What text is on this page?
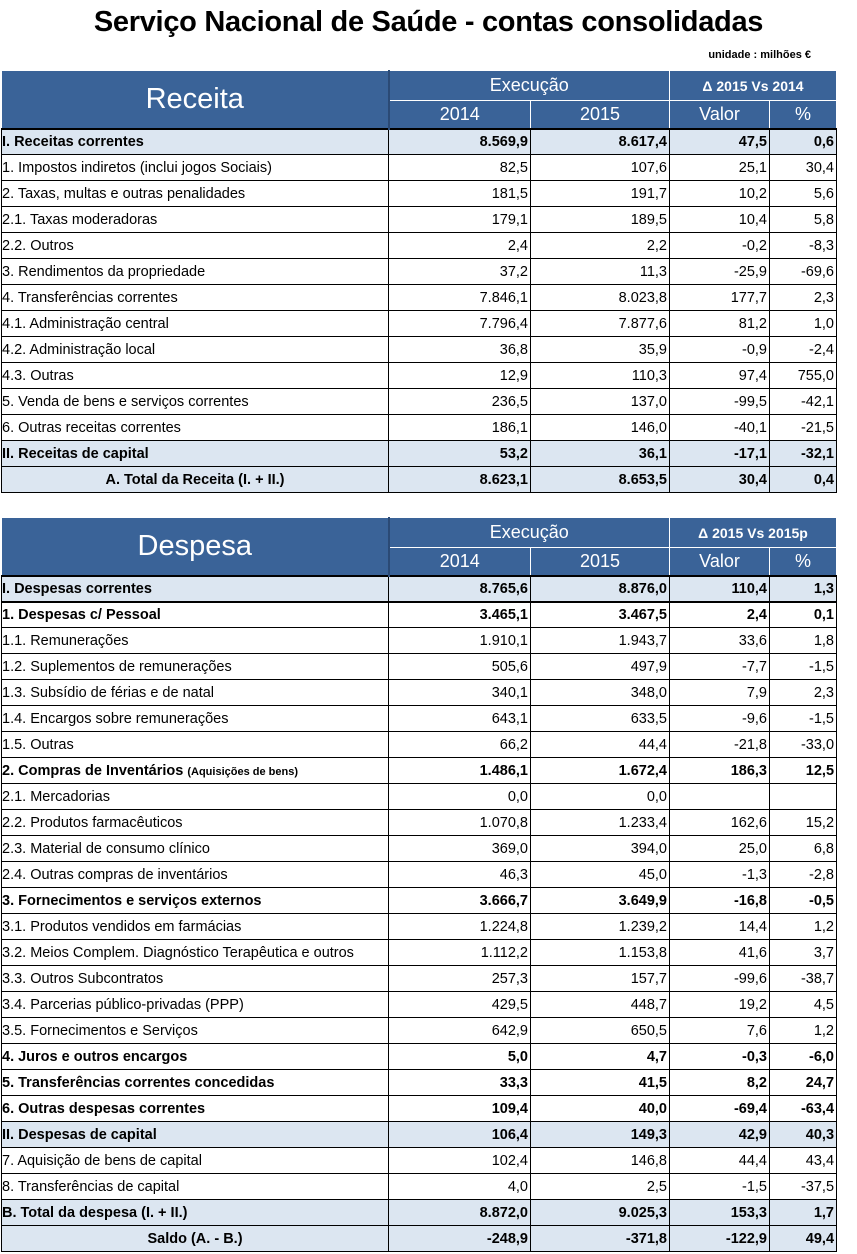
Serviço Nacional de Saúde - contas consolidadas
unidade : milhões €
Receita	Execução		Δ 2015 Vs 2014	
	2014	2015	Valor	%
I. Receitas correntes	8.569,9	8.617,4	47,5	0,6
1. Impostos indiretos (inclui jogos Sociais)	82,5	107,6	25,1	30,4
2. Taxas, multas e outras penalidades	181,5	191,7	10,2	5,6
2.1. Taxas moderadoras	179,1	189,5	10,4	5,8
2.2. Outros	2,4	2,2	-0,2	-8,3
3. Rendimentos da propriedade	37,2	11,3	-25,9	-69,6
4. Transferências correntes	7.846,1	8.023,8	177,7	2,3
4.1. Administração central	7.796,4	7.877,6	81,2	1,0
4.2. Administração local	36,8	35,9	-0,9	-2,4
4.3. Outras	12,9	110,3	97,4	755,0
5. Venda de bens e serviços correntes	236,5	137,0	-99,5	-42,1
6. Outras receitas correntes	186,1	146,0	-40,1	-21,5
II. Receitas de capital	53,2	36,1	-17,1	-32,1
A. Total da Receita (I. + II.)	8.623,1	8.653,5	30,4	0,4
Despesa	Execução		Δ 2015 Vs 2015p	
	2014	2015	Valor	%
I. Despesas correntes	8.765,6	8.876,0	110,4	1,3
1. Despesas c/ Pessoal	3.465,1	3.467,5	2,4	0,1
1.1. Remunerações	1.910,1	1.943,7	33,6	1,8
1.2. Suplementos de remunerações	505,6	497,9	-7,7	-1,5
1.3. Subsídio de férias e de natal	340,1	348,0	7,9	2,3
1.4. Encargos sobre remunerações	643,1	633,5	-9,6	-1,5
1.5. Outras	66,2	44,4	-21,8	-33,0
2. Compras de Inventários (Aquisições de bens)	1.486,1	1.672,4	186,3	12,5
2.1. Mercadorias	0,0	0,0		
2.2. Produtos farmacêuticos	1.070,8	1.233,4	162,6	15,2
2.3. Material de consumo clínico	369,0	394,0	25,0	6,8
2.4. Outras compras de inventários	46,3	45,0	-1,3	-2,8
3. Fornecimentos e serviços externos	3.666,7	3.649,9	-16,8	-0,5
3.1. Produtos vendidos em farmácias	1.224,8	1.239,2	14,4	1,2
3.2. Meios Complem. Diagnóstico Terapêutica e outros	1.112,2	1.153,8	41,6	3,7
3.3. Outros Subcontratos	257,3	157,7	-99,6	-38,7
3.4. Parcerias público-privadas (PPP)	429,5	448,7	19,2	4,5
3.5. Fornecimentos e Serviços	642,9	650,5	7,6	1,2
4. Juros e outros encargos	5,0	4,7	-0,3	-6,0
5. Transferências correntes concedidas	33,3	41,5	8,2	24,7
6. Outras despesas correntes	109,4	40,0	-69,4	-63,4
II. Despesas de capital	106,4	149,3	42,9	40,3
7. Aquisição de bens de capital	102,4	146,8	44,4	43,4
8. Transferências de capital	4,0	2,5	-1,5	-37,5
B. Total da despesa (I. + II.)	8.872,0	9.025,3	153,3	1,7
Saldo (A. - B.)	-248,9	-371,8	-122,9	49,4
